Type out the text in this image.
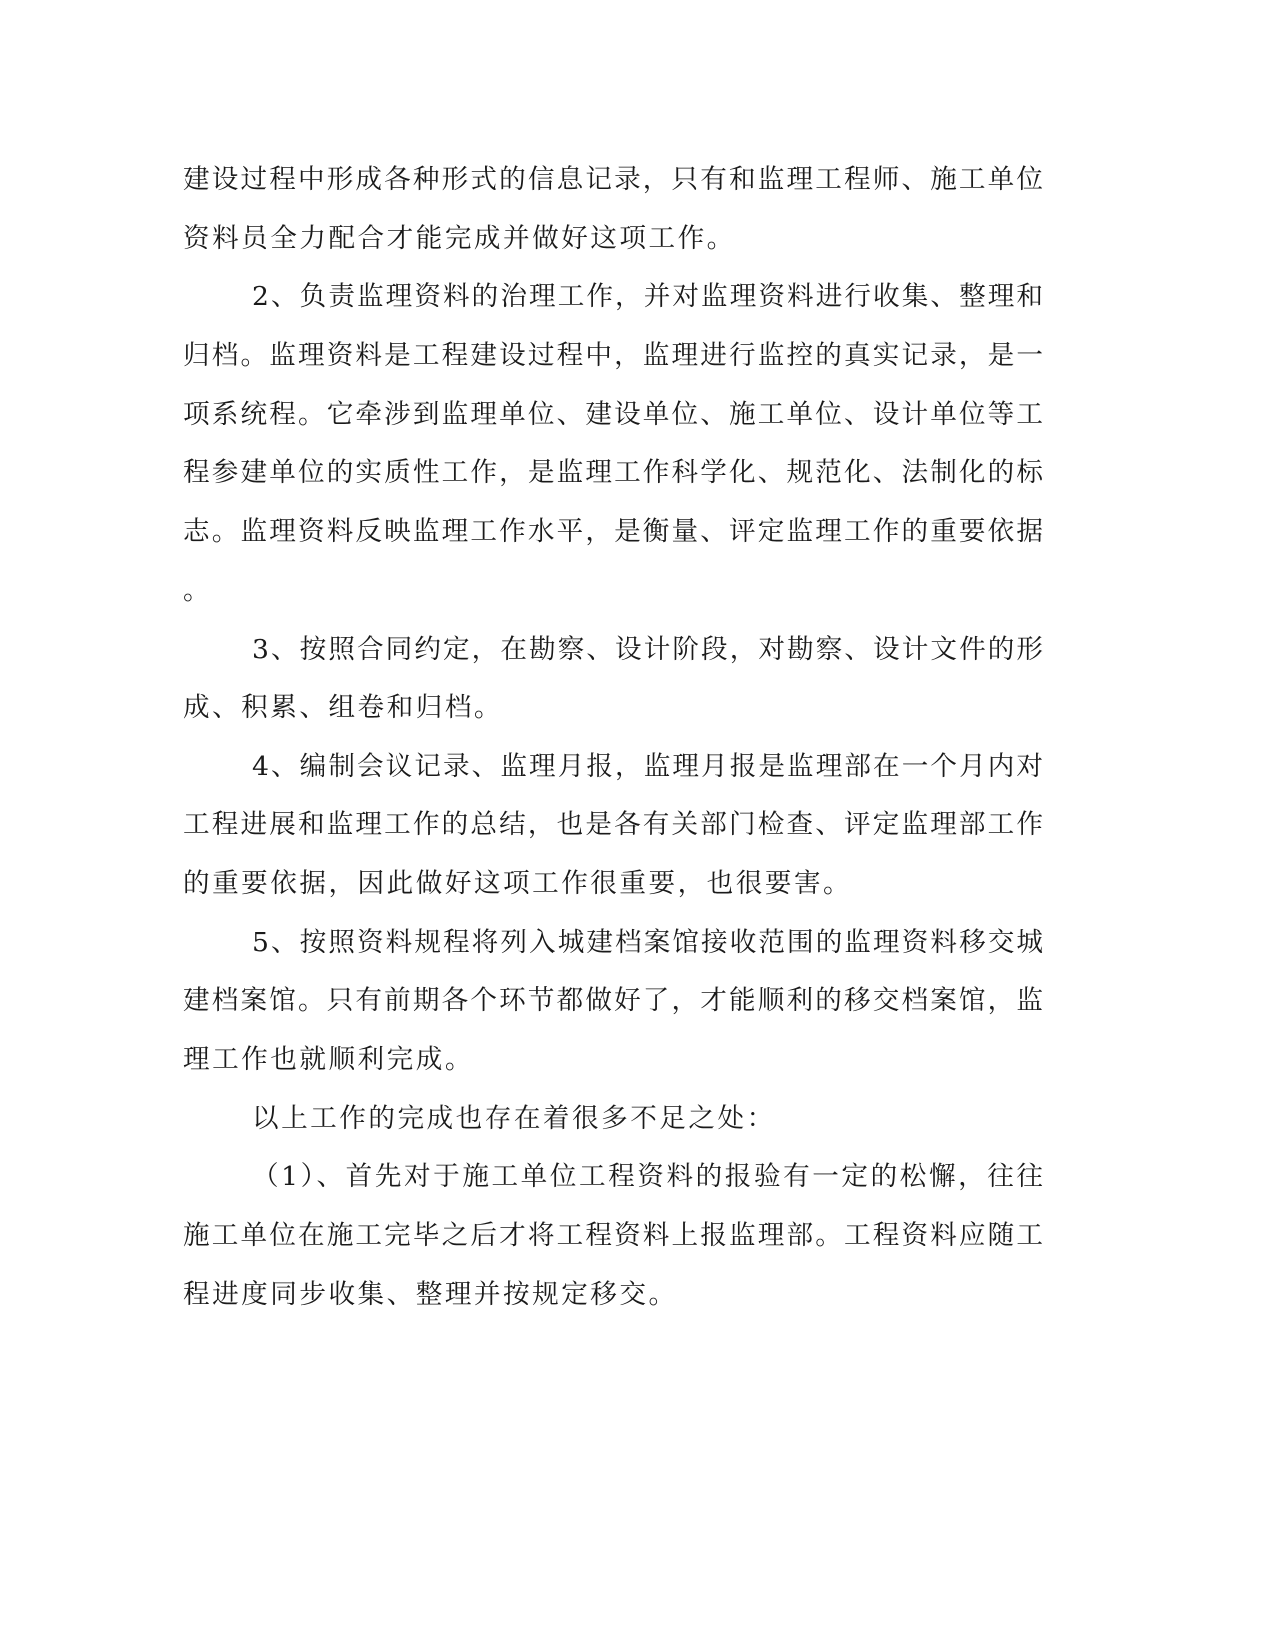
建设过程中形成各种形式的信息记录，只有和监理工程师、施工单位
资料员全力配合才能完成并做好这项工作。
2、负责监理资料的治理工作，并对监理资料进行收集、整理和
归档。监理资料是工程建设过程中，监理进行监控的真实记录，是一
项系统程。它牵涉到监理单位、建设单位、施工单位、设计单位等工
程参建单位的实质性工作，是监理工作科学化、规范化、法制化的标
志。监理资料反映监理工作水平，是衡量、评定监理工作的重要依据
。
3、按照合同约定，在勘察、设计阶段，对勘察、设计文件的形
成、积累、组卷和归档。
4、编制会议记录、监理月报，监理月报是监理部在一个月内对
工程进展和监理工作的总结，也是各有关部门检查、评定监理部工作
的重要依据，因此做好这项工作很重要，也很要害。
5、按照资料规程将列入城建档案馆接收范围的监理资料移交城
建档案馆。只有前期各个环节都做好了，才能顺利的移交档案馆，监
理工作也就顺利完成。
以上工作的完成也存在着很多不足之处：
（1）、首先对于施工单位工程资料的报验有一定的松懈，往往
施工单位在施工完毕之后才将工程资料上报监理部。工程资料应随工
程进度同步收集、整理并按规定移交。
